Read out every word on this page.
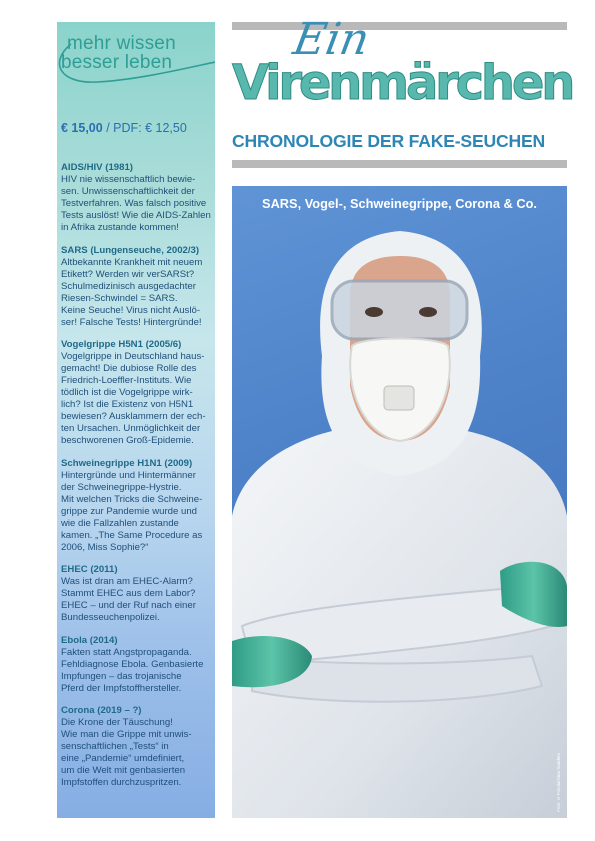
mehr wissen
besser leben
€ 15,00 / PDF: € 12,50
AIDS/HIV (1981)
HIV nie wissenschaftlich bewie-
sen. Unwissenschaftlichkeit der
Testverfahren. Was falsch positive
Tests auslöst! Wie die AIDS-Zahlen
in Afrika zustande kommen!
SARS (Lungenseuche, 2002/3)
Altbekannte Krankheit mit neuem
Etikett? Werden wir verSARSt?
Schulmedizinisch ausgedachter
Riesen-Schwindel = SARS.
Keine Seuche! Virus nicht Auslö-
ser! Falsche Tests! Hintergründe!
Vogelgrippe H5N1 (2005/6)
Vogelgrippe in Deutschland haus-
gemacht! Die dubiose Rolle des
Friedrich-Loeffler-Instituts. Wie
tödlich ist die Vogelgrippe wirk-
lich? Ist die Existenz von H5N1
bewiesen? Ausklammern der ech-
ten Ursachen. Unmöglichkeit der
beschworenen Groß-Epidemie.
Schweinegrippe H1N1 (2009)
Hintergründe und Hintermänner
der Schweinegrippe-Hystrie.
Mit welchen Tricks die Schweine-
grippe zur Pandemie wurde und
wie die Fallzahlen zustande
kamen. „The Same Procedure as
2006, Miss Sophie?“
EHEC (2011)
Was ist dran am EHEC-Alarm?
Stammt EHEC aus dem Labor?
EHEC – und der Ruf nach einer
Bundesseuchenpolizei.
Ebola (2014)
Fakten statt Angstpropaganda.
Fehldiagnose Ebola. Genbasierte
Impfungen – das trojanische
Pferd der Impfstoffhersteller.
Corona (2019 – ?)
Die Krone der Täuschung!
Wie man die Grippe mit unwis-
senschaftlichen „Tests“ in
eine „Pandemie“ umdefiniert,
um die Welt mit genbasierten
Impfstoffen durchzuspritzen.
Ein
Virenmärchen
CHRONOLOGIE DER FAKE-SEUCHEN
SARS, Vogel-, Schweinegrippe, Corona & Co.
Foto: ©Fotolia/Gina Sanders
